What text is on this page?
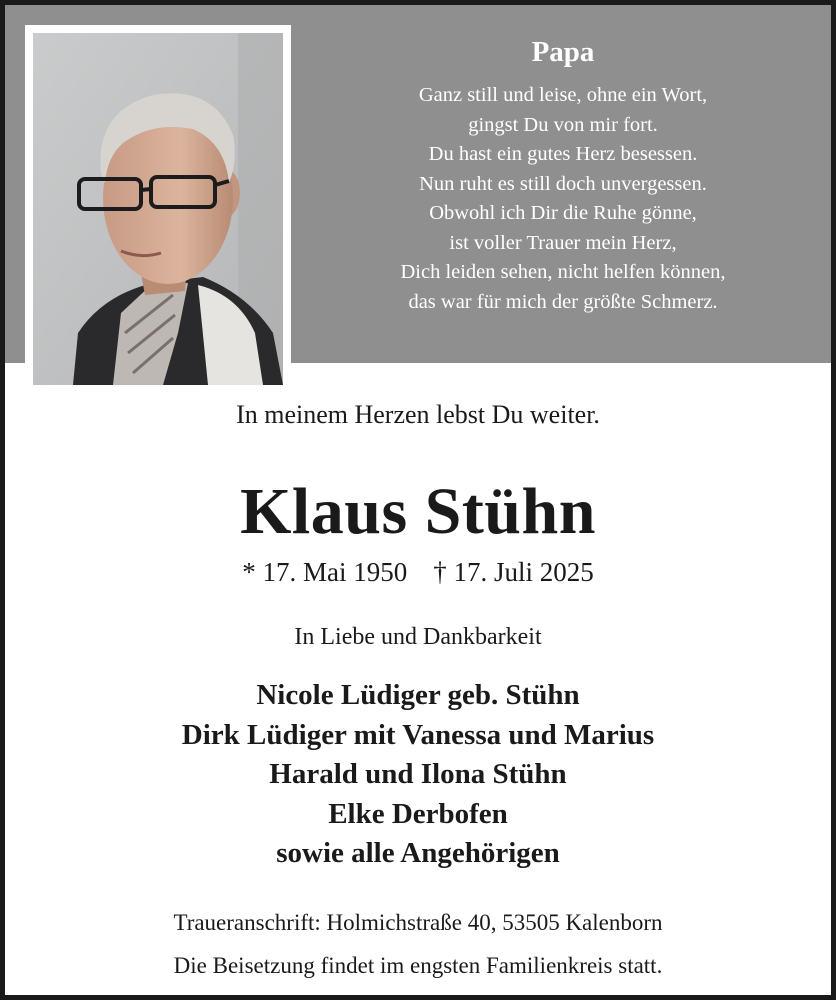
Papa
Ganz still und leise, ohne ein Wort,
gingst Du von mir fort.
Du hast ein gutes Herz besessen.
Nun ruht es still doch unvergessen.
Obwohl ich Dir die Ruhe gönne,
ist voller Trauer mein Herz,
Dich leiden sehen, nicht helfen können,
das war für mich der größte Schmerz.
In meinem Herzen lebst Du weiter.
Klaus Stühn
* 17. Mai 1950 † 17. Juli 2025
In Liebe und Dankbarkeit
Nicole Lüdiger geb. Stühn
Dirk Lüdiger mit Vanessa und Marius
Harald und Ilona Stühn
Elke Derbofen
sowie alle Angehörigen
Traueranschrift: Holmichstraße 40, 53505 Kalenborn
Die Beisetzung findet im engsten Familienkreis statt.
